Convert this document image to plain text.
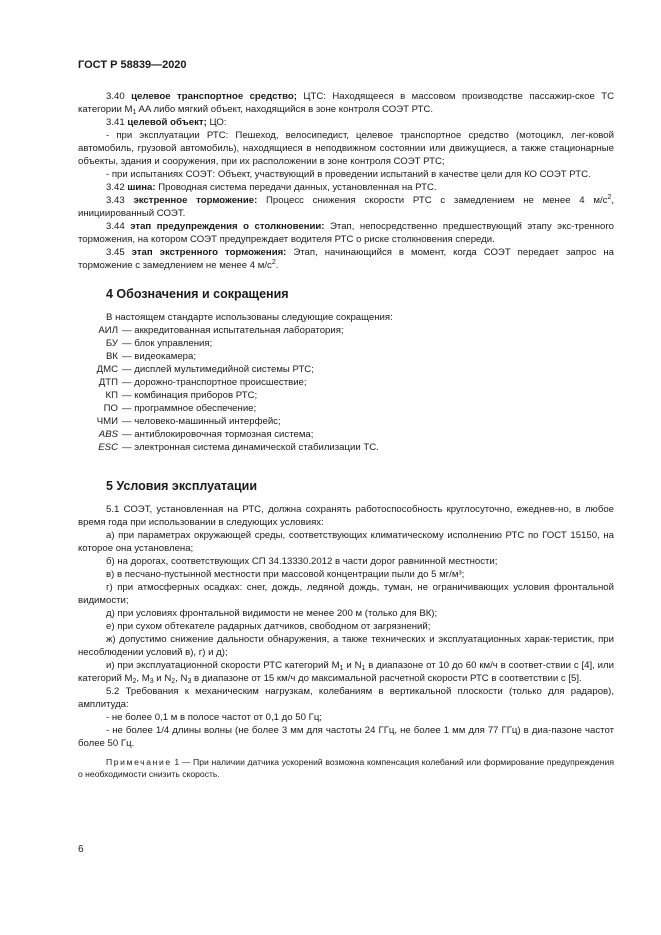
ГОСТ Р 58839—2020

3.40 целевое транспортное средство; ЦТС: Находящееся в массовом производстве пассажир-ское ТС категории $M_1$ AA либо мягкий объект, находящийся в зоне контроля СОЭТ РТС.

3.41 целевой объект; ЦО:

- при эксплуатации РТС: Пешеход, велосипедист, целевое транспортное средство (мотоцикл, лег-ковой автомобиль, грузовой автомобиль), находящиеся в неподвижном состоянии или движущиеся, а также стационарные объекты, здания и сооружения, при их расположении в зоне контроля СОЭТ РТС;

- при испытаниях СОЭТ: Объект, участвующий в проведении испытаний в качестве цели для КО СОЭТ РТС.

3.42 шина: Проводная система передачи данных, установленная на РТС.

3.43 экстренное торможение: Процесс снижения скорости РТС с замедлением не менее 4 $м/с^2$, инициированный СОЭТ.

3.44 этап предупреждения о столкновении: Этап, непосредственно предшествующий этапу экс-тренного торможения, на котором СОЭТ предупреждает водителя РТС о риске столкновения спереди.

3.45 этап экстренного торможения: Этап, начинающийся в момент, когда СОЭТ передает запрос на торможение с замедлением не менее 4 $м/с^2$.

4 Обозначения и сокращения

В настоящем стандарте использованы следующие сокращения:

АИЛ — аккредитованная испытательная лаборатория;
БУ — блок управления;
ВК — видеокамера;
ДМС — дисплей мультимедийной системы РТС;
ДТП — дорожно-транспортное происшествие;
КП — комбинация приборов РТС;
ПО — программное обеспечение;
ЧМИ — человеко-машинный интерфейс;
ABS — антиблокировочная тормозная система;
ESC — электронная система динамической стабилизации ТС.
5 Условия эксплуатации

5.1 СОЭТ, установленная на РТС, должна сохранять работоспособность круглосуточно, ежеднев-но, в любое время года при использовании в следующих условиях:

а) при параметрах окружающей среды, соответствующих климатическому исполнению РТС по ГОСТ 15150, на которое она установлена;

б) на дорогах, соответствующих СП 34.13330.2012 в части дорог равнинной местности;

в) в песчано-пустынной местности при массовой концентрации пыли до 5 мг/м³;

г) при атмосферных осадках: снег, дождь, ледяной дождь, туман, не ограничивающих условия фронтальной видимости;

д) при условиях фронтальной видимости не менее 200 м (только для ВК);

е) при сухом обтекателе радарных датчиков, свободном от загрязнений;

ж) допустимо снижение дальности обнаружения, а также технических и эксплуатационных харак-теристик, при несоблюдении условий в), г) и д);

и) при эксплуатационной скорости РТС категорий $M_1$ и $N_1$ в диапазоне от 10 до 60 км/ч в соответ-ствии с [4], или категорий $M_2$, $M_3$ и $N_2$, $N_3$ в диапазоне от 15 км/ч до максимальной расчетной скорости РТС в соответствии с [5].

5.2 Требования к механическим нагрузкам, колебаниям в вертикальной плоскости (только для радаров), амплитуда:

- не более 0,1 м в полосе частот от 0,1 до 50 Гц;

- не более 1/4 длины волны (не более 3 мм для частоты 24 ГГц, не более 1 мм для 77 ГГц) в диа-пазоне частот более 50 Гц.

Примечание 1 — При наличии датчика ускорений возможна компенсация колебаний или формирование предупреждения о необходимости снизить скорость.

6
